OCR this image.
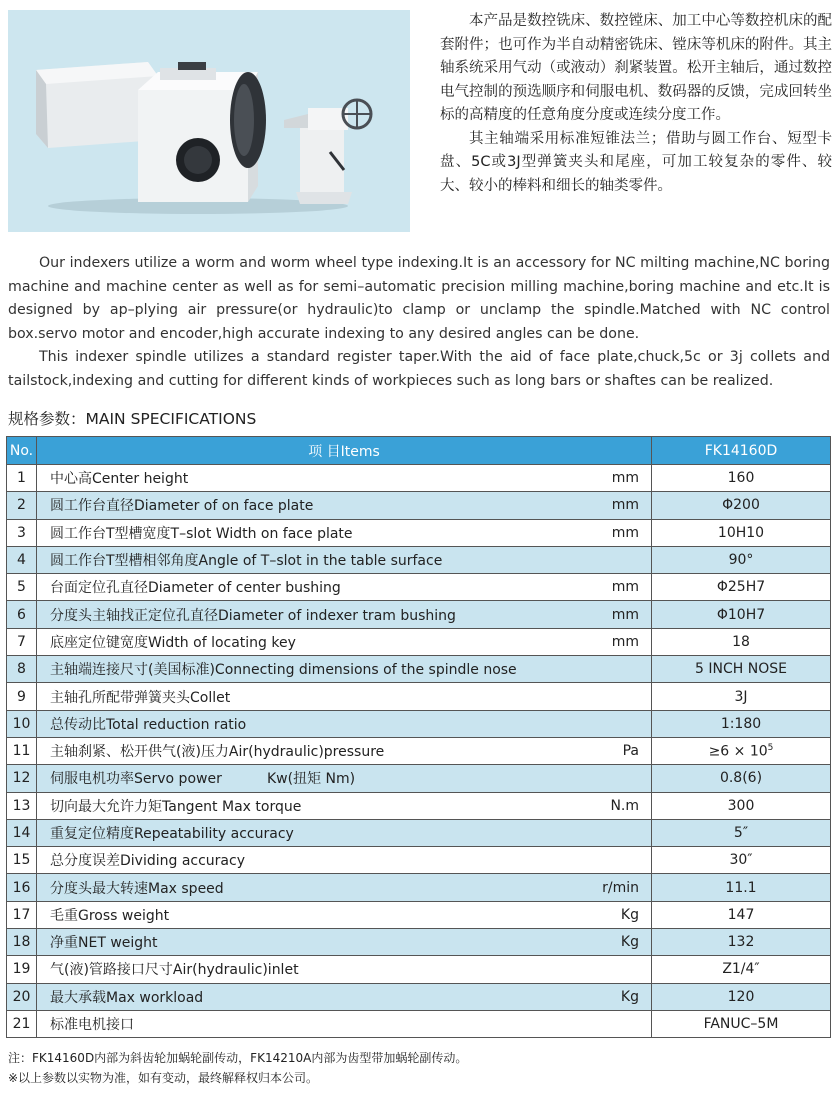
本产品是数控铣床、数控镗床、加工中心等数控机床的配套附件；也可作为半自动精密铣床、镗床等机床的附件。其主轴系统采用气动（或液动）刹紧装置。松开主轴后，通过数控电气控制的预选顺序和伺服电机、数码器的反馈，完成回转坐标的高精度的任意角度分度或连续分度工作。

其主轴端采用标准短锥法兰；借助与圆工作台、短型卡盘、5C或3J型弹簧夹头和尾座，可加工较复杂的零件、较大、较小的棒料和细长的轴类零件。

Our indexers utilize a worm and worm wheel type indexing.It is an accessory for NC milting machine,NC boring machine and machine center as well as for semi–automatic precision milling machine,boring machine and etc.It is designed by ap–plying air pressure(or hydraulic)to clamp or unclamp the spindle.Matched with NC control box.servo motor and encoder,high accurate indexing to any desired angles can be done.

This indexer spindle utilizes a standard register taper.With the aid of face plate,chuck,5c or 3j collets and tailstock,indexing and cutting for different kinds of workpieces such as long bars or shaftes can be realized.

规格参数：MAIN SPECIFICATIONS
No.	项 目Items	FK14160D
1	中心高Center height mm	160
2	圆工作台直径Diameter of on face plate mm	Φ200
3	圆工作台T型槽宽度T–slot Width on face plate mm	10H10
4	圆工作台T型槽相邻角度Angle of T–slot in the table surface	90°
5	台面定位孔直径Diameter of center bushing mm	Φ25H7
6	分度头主轴找正定位孔直径Diameter of indexer tram bushing mm	Φ10H7
7	底座定位键宽度Width of locating key mm	18
8	主轴端连接尺寸(美国标准)Connecting dimensions of the spindle nose	5 INCH NOSE
9	主轴孔所配带弹簧夹头Collet	3J
10	总传动比Total reduction ratio	1:180
11	主轴刹紧、松开供气(液)压力Air(hydraulic)pressure Pa	$\ge 6 \times 10^5$
12	伺服电机功率Servo power Kw(扭矩 Nm)	0.8(6)
13	切向最大允许力矩Tangent Max torque N.m	300
14	重复定位精度Repeatability accuracy	5″
15	总分度误差Dividing accuracy	30″
16	分度头最大转速Max speed r/min	11.1
17	毛重Gross weight Kg	147
18	净重NET weight Kg	132
19	气(液)管路接口尺寸Air(hydraulic)inlet	Z1/4″
20	最大承载Max workload Kg	120
21	标准电机接口	FANUC–5M
注：FK14160D内部为斜齿轮加蜗轮副传动，FK14210A内部为齿型带加蜗轮副传动。
※以上参数以实物为准，如有变动，最终解释权归本公司。
